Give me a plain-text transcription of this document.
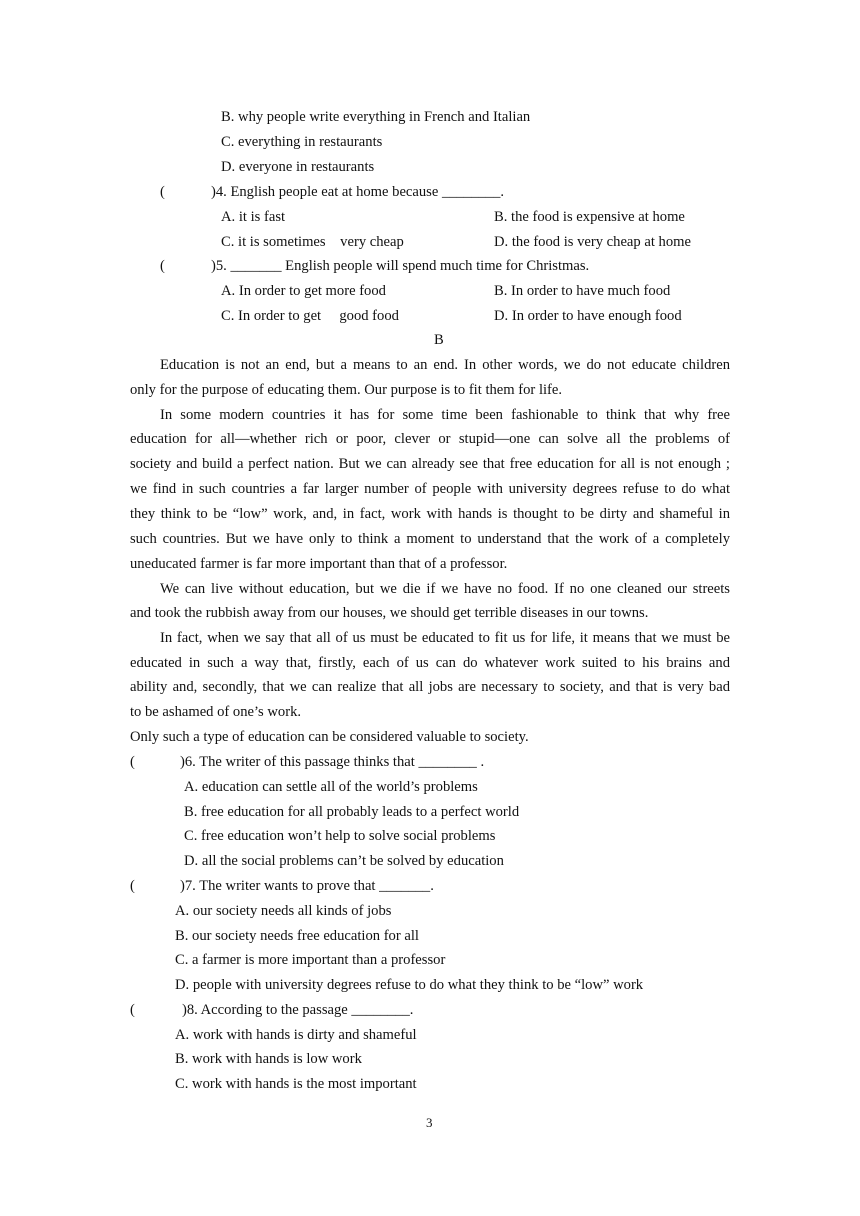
B. why people write everything in French and Italian
C. everything in restaurants
D. everyone in restaurants
(	)4. English people eat at home because ________.
A. it is fast	B. the food is expensive at home
C. it is sometimes    very cheap	D. the food is very cheap at home
(	)5. _______ English people will spend much time for Christmas.
A. In order to get more food	B. In order to have much food
C. In order to get     good food	D. In order to have enough food
B
Education is not an end, but a means to an end. In other words, we do not educate children
only for the purpose of educating them. Our purpose is to fit them for life.
In some modern countries it has for some time been fashionable to think that why free
education for all—whether rich or poor, clever or stupid—one can solve all the problems of
society and build a perfect nation. But we can already see that free education for all is not enough ;
we find in such countries a far larger number of people with university degrees refuse to do what
they think to be “low” work, and, in fact, work with hands is thought to be dirty and shameful in
such countries. But we have only to think a moment to understand that the work of a completely
uneducated farmer is far more important than that of a professor.
We can live without education, but we die if we have no food. If no one cleaned our streets
and took the rubbish away from our houses, we should get terrible diseases in our towns.
In fact, when we say that all of us must be educated to fit us for life, it means that we must be
educated in such a way that, firstly, each of us can do whatever work suited to his brains and
ability and, secondly, that we can realize that all jobs are necessary to society, and that is very bad
to be ashamed of one’s work.
Only such a type of education can be considered valuable to society.
(	)6. The writer of this passage thinks that ________ .
A. education can settle all of the world’s problems
B. free education for all probably leads to a perfect world
C. free education won’t help to solve social problems
D. all the social problems can’t be solved by education
(	)7. The writer wants to prove that _______.
A. our society needs all kinds of jobs
B. our society needs free education for all
C. a farmer is more important than a professor
D. people with university degrees refuse to do what they think to be “low” work
(	)8. According to the passage ________.
A. work with hands is dirty and shameful
B. work with hands is low work
C. work with hands is the most important
3
